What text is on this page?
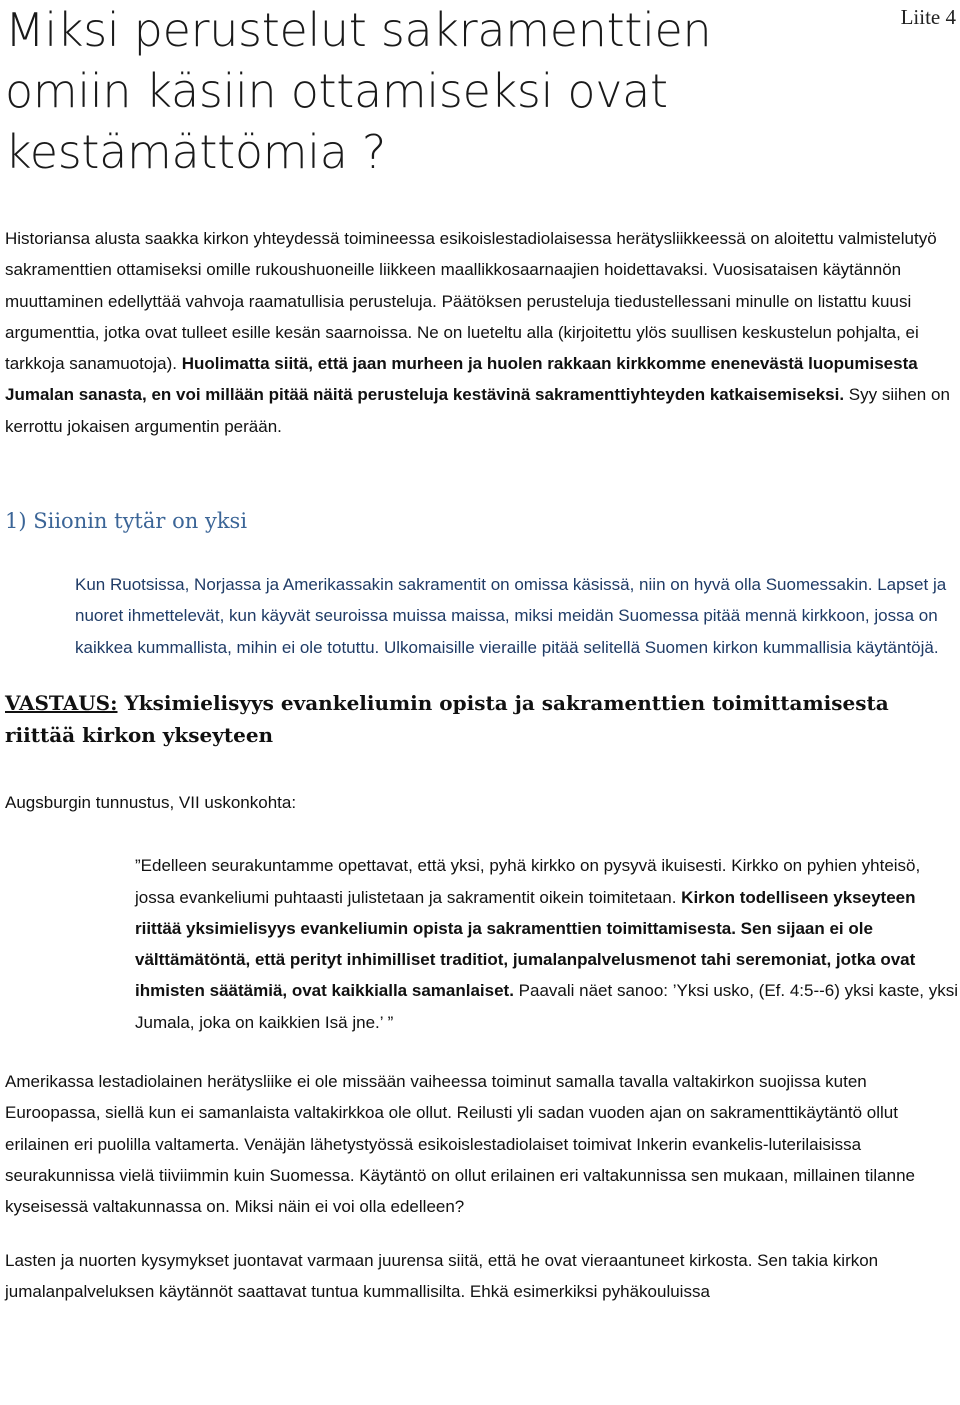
Miksi perustelut sakramenttien omiin käsiin ottamiseksi ovat kestämättömia ?
Liite 4

Historiansa alusta saakka kirkon yhteydessä toimineessa esikoislestadiolaisessa herätysliikkeessä on aloitettu valmistelutyö sakramenttien ottamiseksi omille rukoushuoneille liikkeen maallikkosaarnaajien hoidettavaksi. Vuosisataisen käytännön muuttaminen edellyttää vahvoja raamatullisia perusteluja. Päätöksen perusteluja tiedustellessani minulle on listattu kuusi argumenttia, jotka ovat tulleet esille kesän saarnoissa. Ne on lueteltu alla (kirjoitettu ylös suullisen keskustelun pohjalta, ei tarkkoja sanamuotoja). Huolimatta siitä, että jaan murheen ja huolen rakkaan kirkkomme enenevästä luopumisesta Jumalan sanasta, en voi millään pitää näitä perusteluja kestävinä sakramenttiyhteyden katkaisemiseksi. Syy siihen on kerrottu jokaisen argumentin perään.

1) Siionin tytär on yksi

Kun Ruotsissa, Norjassa ja Amerikassakin sakramentit on omissa käsissä, niin on hyvä olla Suomessakin. Lapset ja nuoret ihmettelevät, kun käyvät seuroissa muissa maissa, miksi meidän Suomessa pitää mennä kirkkoon, jossa on kaikkea kummallista, mihin ei ole totuttu. Ulkomaisille vieraille pitää selitellä Suomen kirkon kummallisia käytäntöjä.

VASTAUS: Yksimielisyys evankeliumin opista ja sakramenttien toimittamisesta riittää kirkon ykseyteen

Augsburgin tunnustus, VII uskonkohta:

”Edelleen seurakuntamme opettavat, että yksi, pyhä kirkko on pysyvä ikuisesti. Kirkko on pyhien yhteisö, jossa evankeliumi puhtaasti julistetaan ja sakramentit oikein toimitetaan. Kirkon todelliseen ykseyteen riittää yksimielisyys evankeliumin opista ja sakramenttien toimittamisesta. Sen sijaan ei ole välttämätöntä, että perityt inhimilliset traditiot, jumalanpalvelusmenot tahi seremoniat, jotka ovat ihmisten säätämiä, ovat kaikkialla samanlaiset. Paavali näet sanoo: ’Yksi usko, (Ef. 4:5--6) yksi kaste, yksi Jumala, joka on kaikkien Isä jne.’ ”

Amerikassa lestadiolainen herätysliike ei ole missään vaiheessa toiminut samalla tavalla valtakirkon suojissa kuten Euroopassa, siellä kun ei samanlaista valtakirkkoa ole ollut. Reilusti yli sadan vuoden ajan on sakramenttikäytäntö ollut erilainen eri puolilla valtamerta. Venäjän lähetystyössä esikoislestadiolaiset toimivat Inkerin evankelis-luterilaisissa seurakunnissa vielä tiiviimmin kuin Suomessa. Käytäntö on ollut erilainen eri valtakunnissa sen mukaan, millainen tilanne kyseisessä valtakunnassa on. Miksi näin ei voi olla edelleen?

Lasten ja nuorten kysymykset juontavat varmaan juurensa siitä, että he ovat vieraantuneet kirkosta. Sen takia kirkon jumalanpalveluksen käytännöt saattavat tuntua kummallisilta. Ehkä esimerkiksi pyhäkouluissa
